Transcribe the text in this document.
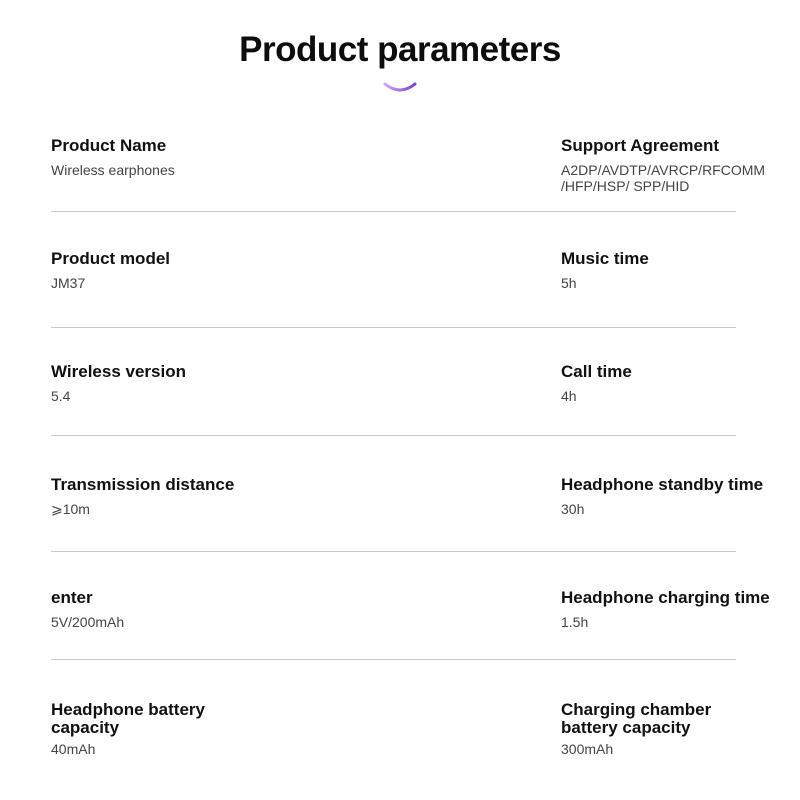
Product parameters
Product Name
Wireless earphones
Support Agreement
A2DP/AVDTP/AVRCP/RFCOMM
/HFP/HSP/ SPP/HID
Product model
JM37
Music time
5h
Wireless version
5.4
Call time
4h
Transmission distance
⩾10m
Headphone standby time
30h
enter
5V/200mAh
Headphone charging time
1.5h
Headphone battery
capacity
40mAh
Charging chamber
battery capacity
300mAh
